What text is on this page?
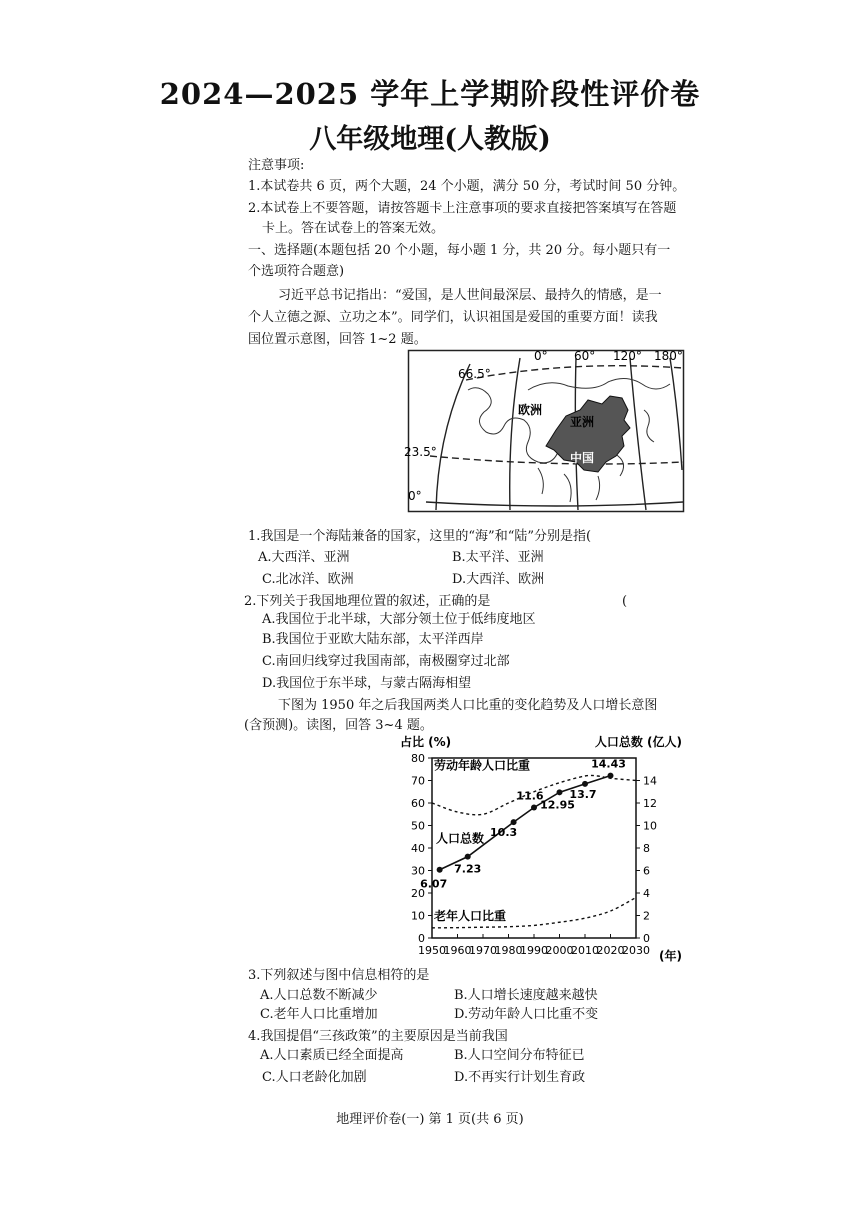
2024—2025 学年上学期阶段性评价卷
八年级地理(人教版)
注意事项:
1.本试卷共 6 页，两个大题，24 个小题，满分 50 分，考试时间 50 分钟。
2.本试卷上不要答题，请按答题卡上注意事项的要求直接把答案填写在答题
卡上。答在试卷上的答案无效。
一、选择题(本题包括 20 个小题，每小题 1 分，共 20 分。每小题只有一
个选项符合题意)
习近平总书记指出：“爱国，是人世间最深层、最持久的情感，是一
个人立德之源、立功之本”。同学们，认识祖国是爱国的重要方面！读我
国位置示意图，回答 1~2 题。
0° 60° 120° 180°
66.5°
23.5°
0°
欧洲
亚洲
中国
1.我国是一个海陆兼备的国家，这里的“海”和“陆”分别是指(
A.大西洋、亚洲	B.太平洋、亚洲
C.北冰洋、欧洲	D.大西洋、欧洲
2.下列关于我国地理位置的叙述，正确的是	(
A.我国位于北半球，大部分领土位于低纬度地区
B.我国位于亚欧大陆东部，太平洋西岸
C.南回归线穿过我国南部，南极圈穿过北部
D.我国位于东半球，与蒙古隔海相望
下图为 1950 年之后我国两类人口比重的变化趋势及人口增长意图
(含预测)。读图，回答 3~4 题。
占比 (%)	人口总数 (亿人)
(年)
0
10
20
30
40
50
60
70
80
0
2
4
6
8
10
12
14
1950
1960
1970
1980
1990
2000
2010
2020
2030
6.07
7.23
10.3
11.6
12.95
13.7
14.43
劳动年龄人口比重
人口总数
老年人口比重
3.下列叙述与图中信息相符的是
A.人口总数不断减少	B.人口增长速度越来越快
C.老年人口比重增加	D.劳动年龄人口比重不变
4.我国提倡“三孩政策”的主要原因是当前我国
A.人口素质已经全面提高	B.人口空间分布特征已
C.人口老龄化加剧	D.不再实行计划生育政
地理评价卷(一) 第 1 页(共 6 页)
